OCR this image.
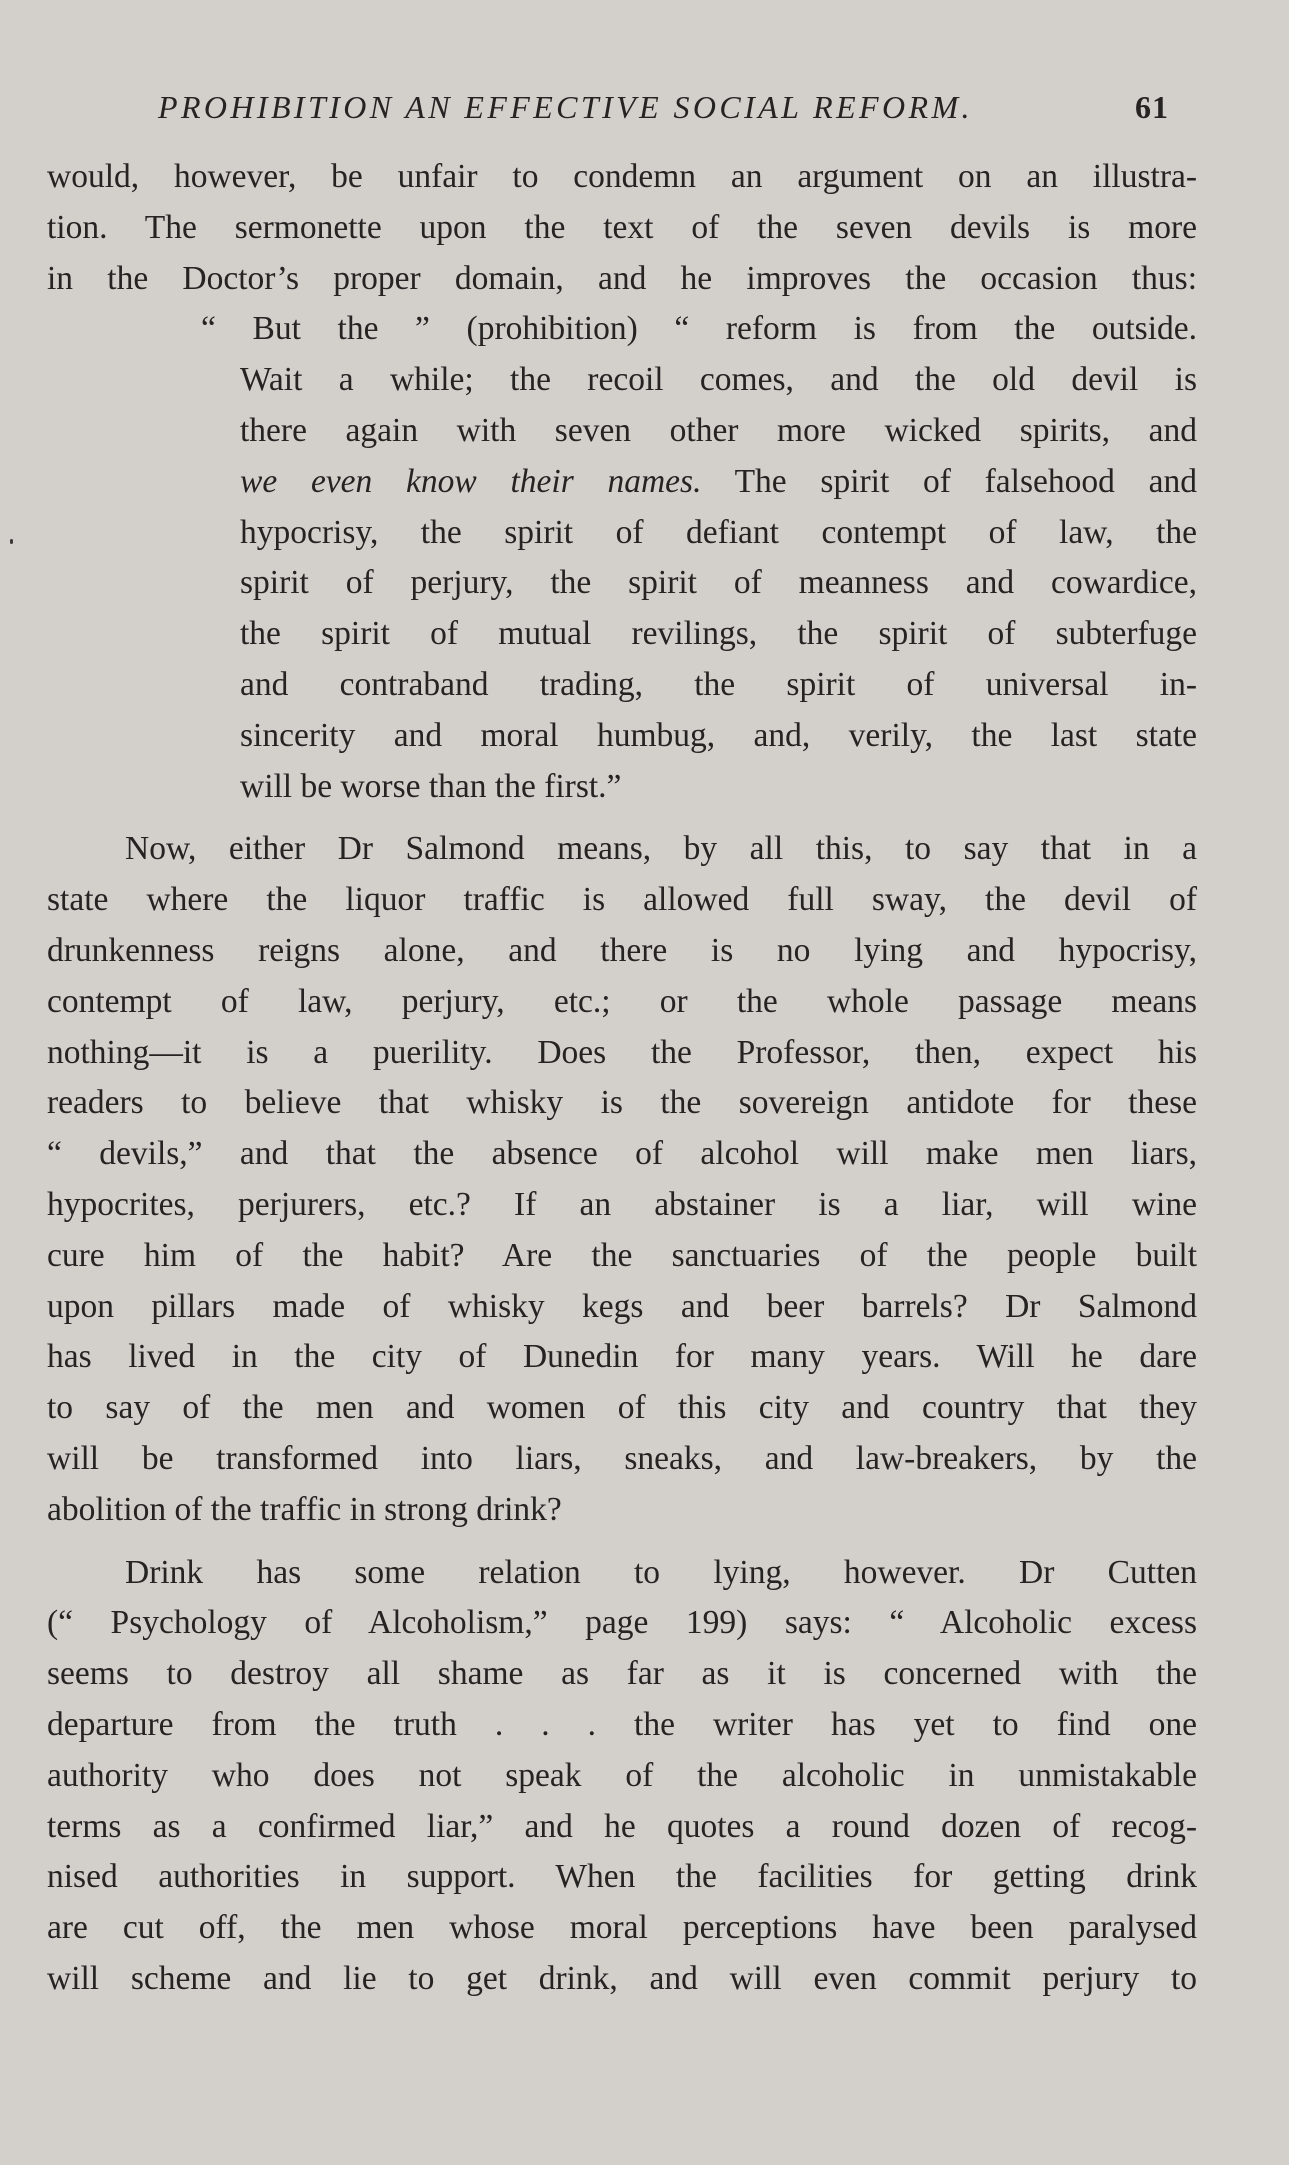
PROHIBITION AN EFFECTIVE SOCIAL REFORM.	61
would, however, be unfair to condemn an argument on an illustra-
tion. The sermonette upon the text of the seven devils is more
in the Doctor’s proper domain, and he improves the occasion thus:
“ But the ” (prohibition) “ reform is from the outside.
Wait a while; the recoil comes, and the old devil is
there again with seven other more wicked spirits, and
we even know their names. The spirit of falsehood and
hypocrisy, the spirit of defiant contempt of law, the
spirit of perjury, the spirit of meanness and cowardice,
the spirit of mutual revilings, the spirit of subterfuge
and contraband trading, the spirit of universal in-
sincerity and moral humbug, and, verily, the last state
will be worse than the first.”
Now, either Dr Salmond means, by all this, to say that in a
state where the liquor traffic is allowed full sway, the devil of
drunkenness reigns alone, and there is no lying and hypocrisy,
contempt of law, perjury, etc.; or the whole passage means
nothing—it is a puerility. Does the Professor, then, expect his
readers to believe that whisky is the sovereign antidote for these
“ devils,” and that the absence of alcohol will make men liars,
hypocrites, perjurers, etc.? If an abstainer is a liar, will wine
cure him of the habit? Are the sanctuaries of the people built
upon pillars made of whisky kegs and beer barrels? Dr Salmond
has lived in the city of Dunedin for many years. Will he dare
to say of the men and women of this city and country that they
will be transformed into liars, sneaks, and law-breakers, by the
abolition of the traffic in strong drink?
Drink has some relation to lying, however. Dr Cutten
(“ Psychology of Alcoholism,” page 199) says: “ Alcoholic excess
seems to destroy all shame as far as it is concerned with the
departure from the truth . . . the writer has yet to find one
authority who does not speak of the alcoholic in unmistakable
terms as a confirmed liar,” and he quotes a round dozen of recog-
nised authorities in support. When the facilities for getting drink
are cut off, the men whose moral perceptions have been paralysed
will scheme and lie to get drink, and will even commit perjury to
